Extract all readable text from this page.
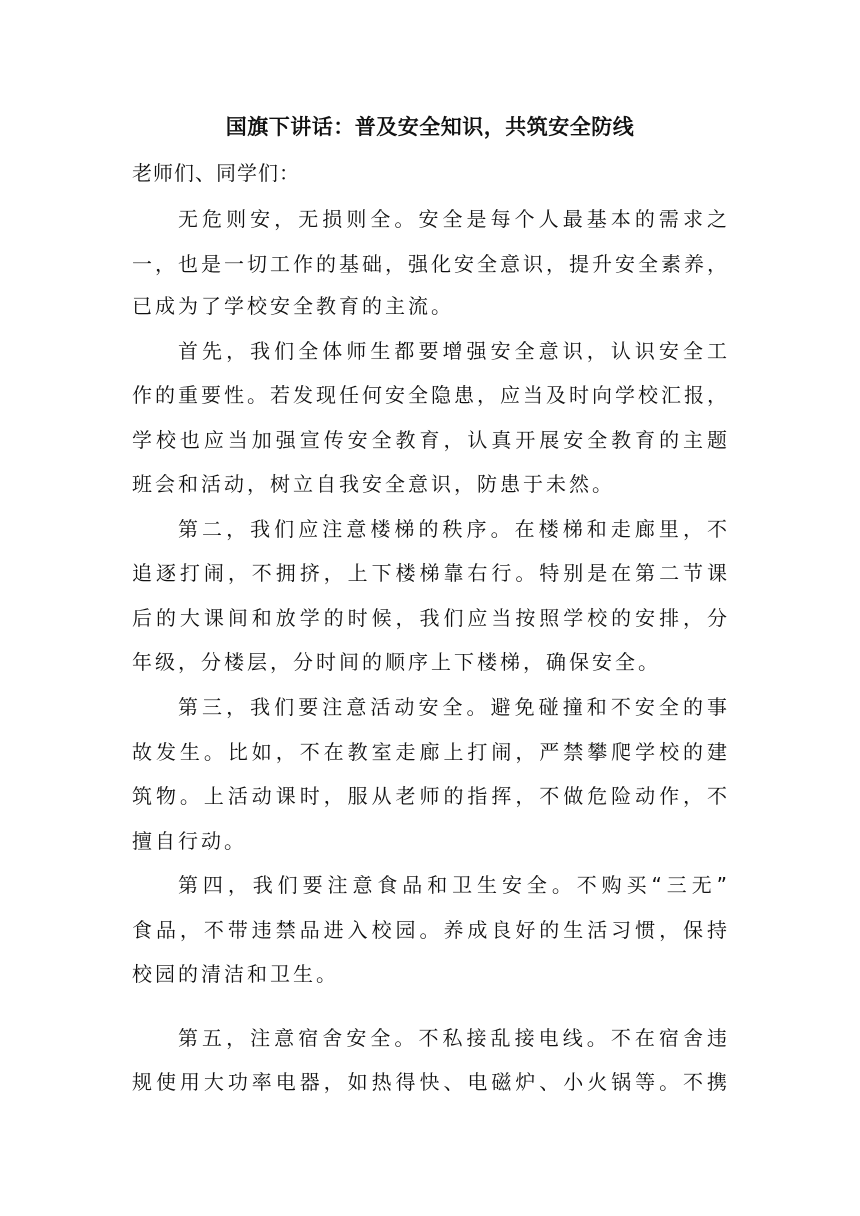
国旗下讲话：普及安全知识，共筑安全防线
老师们、同学们：
无危则安，无损则全。安全是每个人最基本的需求之
一，也是一切工作的基础，强化安全意识，提升安全素养，
已成为了学校安全教育的主流。
首先，我们全体师生都要增强安全意识，认识安全工
作的重要性。若发现任何安全隐患，应当及时向学校汇报，
学校也应当加强宣传安全教育，认真开展安全教育的主题
班会和活动，树立自我安全意识，防患于未然。
第二，我们应注意楼梯的秩序。在楼梯和走廊里，不
追逐打闹，不拥挤，上下楼梯靠右行。特别是在第二节课
后的大课间和放学的时候，我们应当按照学校的安排，分
年级，分楼层，分时间的顺序上下楼梯，确保安全。
第三，我们要注意活动安全。避免碰撞和不安全的事
故发生。比如，不在教室走廊上打闹，严禁攀爬学校的建
筑物。上活动课时，服从老师的指挥，不做危险动作，不
擅自行动。
第四，我们要注意食品和卫生安全。不购买“三无”
食品，不带违禁品进入校园。养成良好的生活习惯，保持
校园的清洁和卫生。
第五，注意宿舍安全。不私接乱接电线。不在宿舍违
规使用大功率电器，如热得快、电磁炉、小火锅等。不携
